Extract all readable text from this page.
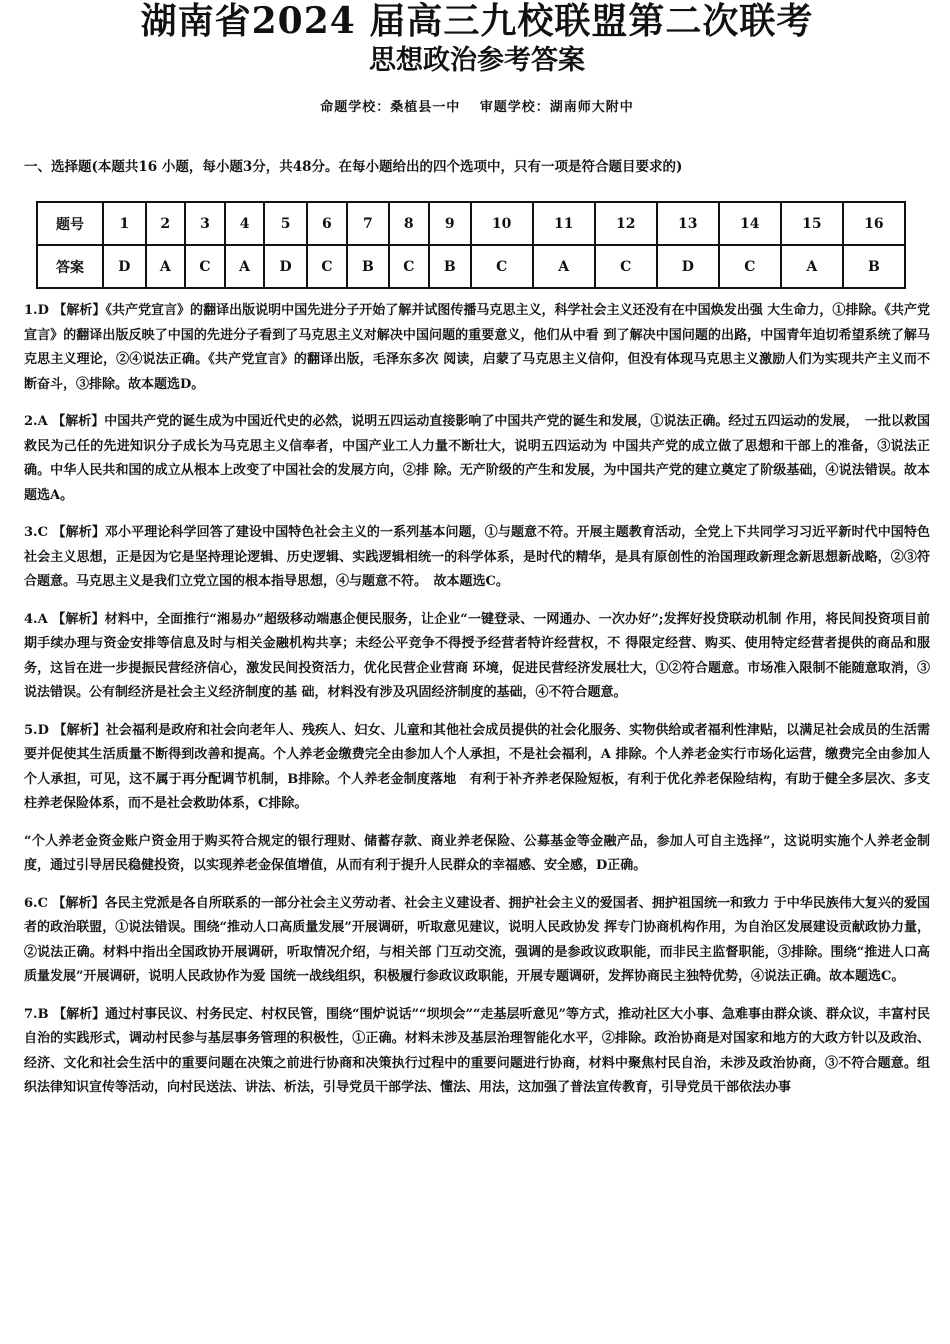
湖南省2024 届高三九校联盟第二次联考
思想政治参考答案
命题学校：桑植县一中　 审题学校：湖南师大附中
一、选择题(本题共16 小题，每小题3分，共48分。在每小题给出的四个选项中，只有一项是符合题目要求的)
题号	1	2	3	4	5	6	7	8	9	10	11	12	13	14	15	16
答案	D	A	C	A	D	C	B	C	B	C	A	C	D	C	A	B

1.D 【解析】《共产党宣言》的翻译出版说明中国先进分子开始了解并试图传播马克思主义，科学社会主义还没有在中国焕发出强 大生命力，①排除。《共产党宣言》的翻译出版反映了中国的先进分子看到了马克思主义对解决中国问题的重要意义，他们从中看 到了解决中国问题的出路，中国青年迫切希望系统了解马克思主义理论，②④说法正确。《共产党宣言》的翻译出版，毛泽东多次 阅读，启蒙了马克思主义信仰，但没有体现马克思主义激励人们为实现共产主义而不断奋斗，③排除。故本题选D。

2.A 【解析】中国共产党的诞生成为中国近代史的必然，说明五四运动直接影响了中国共产党的诞生和发展，①说法正确。经过五四运动的发展，　一批以救国救民为己任的先进知识分子成长为马克思主义信奉者，中国产业工人力量不断壮大，说明五四运动为 中国共产党的成立做了思想和干部上的准备，③说法正确。中华人民共和国的成立从根本上改变了中国社会的发展方向，②排 除。无产阶级的产生和发展，为中国共产党的建立奠定了阶级基础，④说法错误。故本题选A。

3.C 【解析】邓小平理论科学回答了建设中国特色社会主义的一系列基本问题，①与题意不符。开展主题教育活动，全党上下共同学习习近平新时代中国特色社会主义思想，正是因为它是坚持理论逻辑、历史逻辑、实践逻辑相统一的科学体系，是时代的精华，是具有原创性的治国理政新理念新思想新战略，②③符合题意。马克思主义是我们立党立国的根本指导思想，④与题意不符。　故本题选C。

4.A 【解析】材料中，全面推行“湘易办”超级移动端惠企便民服务，让企业“一键登录、一网通办、一次办好”;发挥好投贷联动机制 作用，将民间投资项目前期手续办理与资金安排等信息及时与相关金融机构共享；未经公平竞争不得授予经营者特许经营权，不 得限定经营、购买、使用特定经营者提供的商品和服务，这旨在进一步提振民营经济信心，激发民间投资活力，优化民营企业营商 环境，促进民营经济发展壮大，①②符合题意。市场准入限制不能随意取消，③说法错误。公有制经济是社会主义经济制度的基 础，材料没有涉及巩固经济制度的基础，④不符合题意。

5.D 【解析】社会福利是政府和社会向老年人、残疾人、妇女、儿童和其他社会成员提供的社会化服务、实物供给或者福利性津贴，以满足社会成员的生活需要并促使其生活质量不断得到改善和提高。个人养老金缴费完全由参加人个人承担，不是社会福利，A 排除。个人养老金实行市场化运营，缴费完全由参加人个人承担，可见，这不属于再分配调节机制，B排除。个人养老金制度落地　有利于补齐养老保险短板，有利于优化养老保险结构，有助于健全多层次、多支柱养老保险体系，而不是社会救助体系，C排除。

“个人养老金资金账户资金用于购买符合规定的银行理财、储蓄存款、商业养老保险、公募基金等金融产品，参加人可自主选择”，这说明实施个人养老金制度，通过引导居民稳健投资，以实现养老金保值增值，从而有利于提升人民群众的幸福感、安全感，D正确。

6.C 【解析】各民主党派是各自所联系的一部分社会主义劳动者、社会主义建设者、拥护社会主义的爱国者、拥护祖国统一和致力 于中华民族伟大复兴的爱国者的政治联盟，①说法错误。围绕“推动人口高质量发展”开展调研，听取意见建议，说明人民政协发 挥专门协商机构作用，为自治区发展建设贡献政协力量，②说法正确。材料中指出全国政协开展调研，听取情况介绍，与相关部 门互动交流，强调的是参政议政职能，而非民主监督职能，③排除。围绕“推进人口高质量发展”开展调研，说明人民政协作为爱 国统一战线组织，积极履行参政议政职能，开展专题调研，发挥协商民主独特优势，④说法正确。故本题选C。

7.B 【解析】通过村事民议、村务民定、村权民管，围绕“围炉说话”“坝坝会”“走基层听意见”等方式，推动社区大小事、急难事由群众谈、群众议，丰富村民自治的实践形式，调动村民参与基层事务管理的积极性，①正确。材料未涉及基层治理智能化水平，②排除。政治协商是对国家和地方的大政方针以及政治、经济、文化和社会生活中的重要问题在决策之前进行协商和决策执行过程中的重要问题进行协商，材料中聚焦村民自治，未涉及政治协商，③不符合题意。组织法律知识宣传等活动，向村民送法、讲法、析法，引导党员干部学法、懂法、用法，这加强了普法宣传教育，引导党员干部依法办事
